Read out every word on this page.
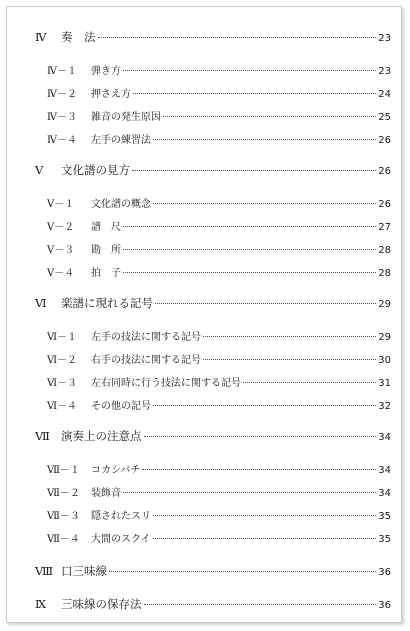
Ⅳ	奏　法	23
Ⅳ－１	弾き方	23
Ⅳ－２	押さえ方	24
Ⅳ－３	雑音の発生原因	25
Ⅳ－４	左手の練習法	26
Ⅴ	文化譜の見方	26
Ⅴ－１	文化譜の概念	26
Ⅴ－２	譜　尺	27
Ⅴ－３	勘　所	28
Ⅴ－４	拍　子	28
Ⅵ	楽譜に現れる記号	29
Ⅵ－１	左手の技法に関する記号	29
Ⅵ－２	右手の技法に関する記号	30
Ⅵ－３	左右同時に行う技法に関する記号	31
Ⅵ－４	その他の記号	32
Ⅶ 演奏上の注意点	34
Ⅶ－１	コカシバチ	34
Ⅶ－２	装飾音	34
Ⅶ－３	隠されたスリ	35
Ⅶ－４	大間のスクイ	35
Ⅷ 口三味線	36
Ⅸ	三味線の保存法	36
